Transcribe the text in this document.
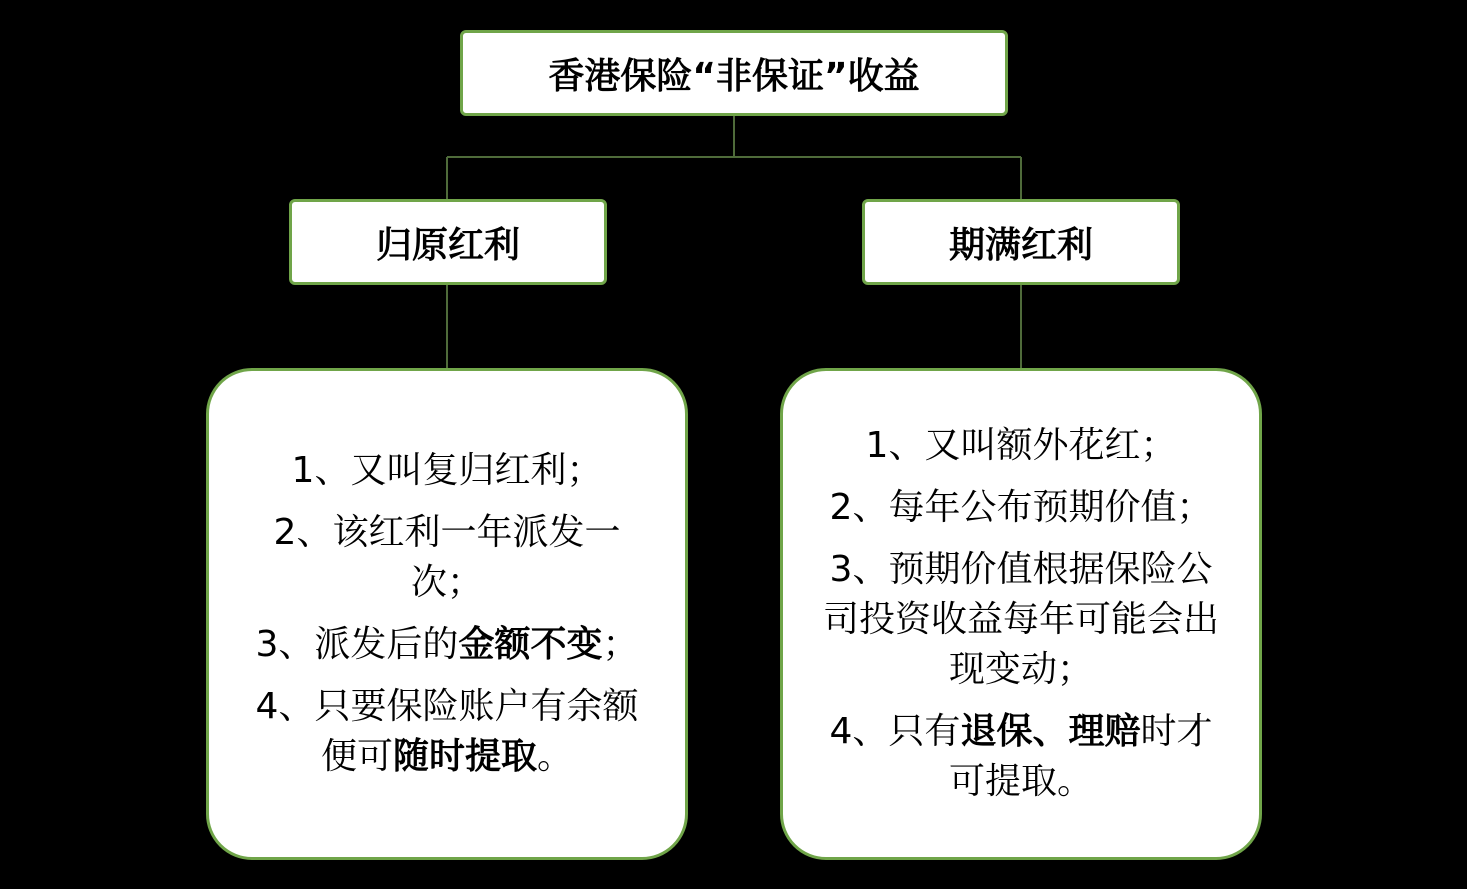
香港保险“非保证”收益
归原红利	期满红利

1、又叫复归红利；

2、该红利一年派发一次；

3、派发后的金额不变；

4、只要保险账户有余额便可随时提取。

1、又叫额外花红；

2、每年公布预期价值；

3、预期价值根据保险公司投资收益每年可能会出现变动；

4、只有退保、理赔时才可提取。
